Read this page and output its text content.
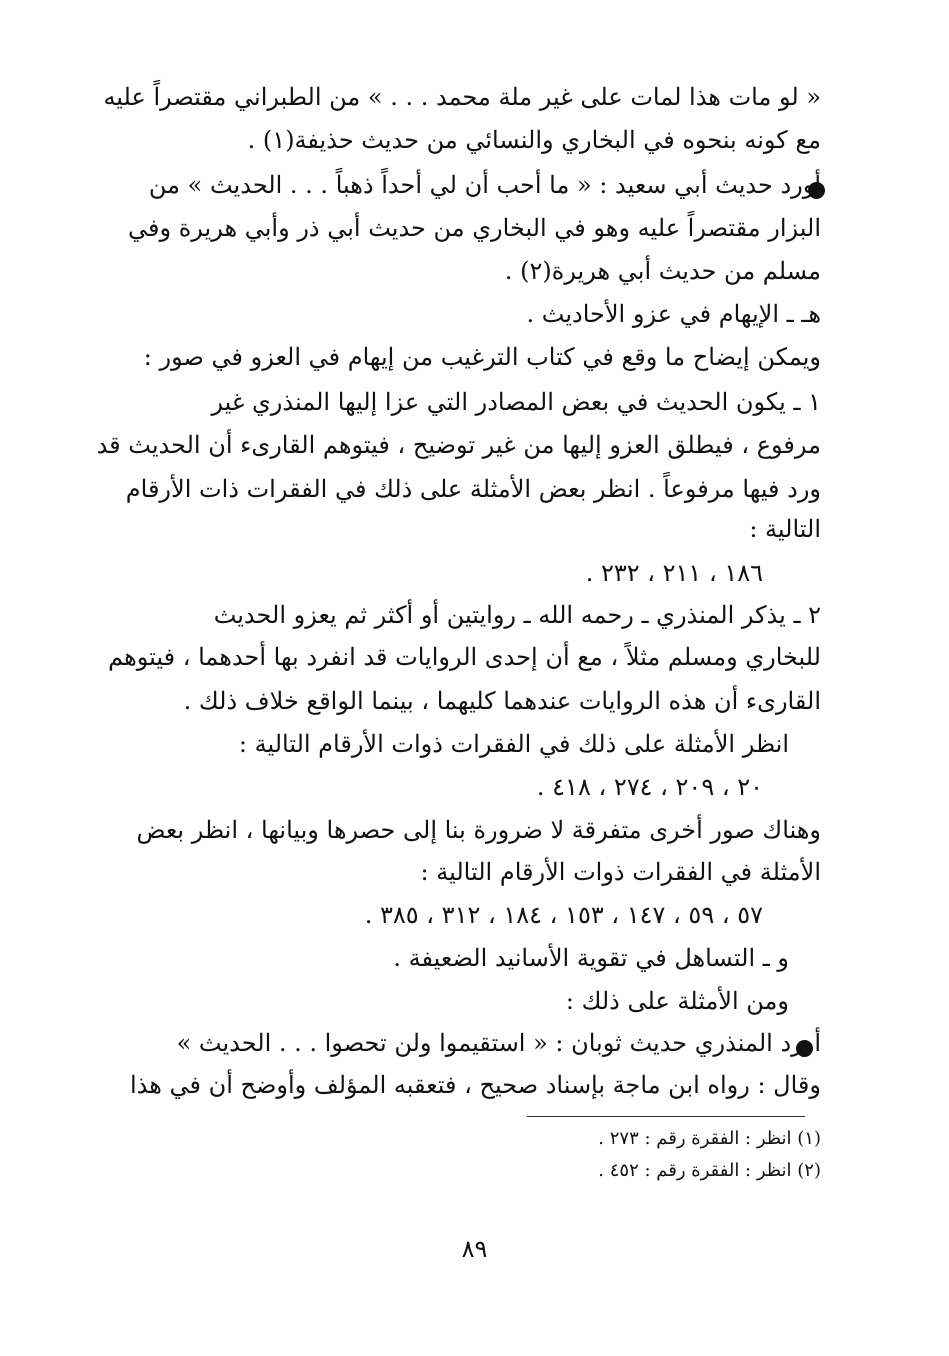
« لو مات هذا لمات على غير ملة محمد . . . » من الطبراني مقتصراً عليه
مع كونه بنحوه في البخاري والنسائي من حديث حذيفة(١) .
أورد حديث أبي سعيد : « ما أحب أن لي أحداً ذهباً . . . الحديث » من
البزار مقتصراً عليه وهو في البخاري من حديث أبي ذر وأبي هريرة وفي
مسلم من حديث أبي هريرة(٢) .
هـ ـ الإيهام في عزو الأحاديث .
ويمكن إيضاح ما وقع في كتاب الترغيب من إيهام في العزو في صور :
١ ـ يكون الحديث في بعض المصادر التي عزا إليها المنذري غير
مرفوع ، فيطلق العزو إليها من غير توضيح ، فيتوهم القارىء أن الحديث قد
ورد فيها مرفوعاً . انظر بعض الأمثلة على ذلك في الفقرات ذات الأرقام
التالية :
١٨٦ ، ٢١١ ، ٢٣٢ .
٢ ـ يذكر المنذري ـ رحمه الله ـ روايتين أو أكثر ثم يعزو الحديث
للبخاري ومسلم مثلاً ، مع أن إحدى الروايات قد انفرد بها أحدهما ، فيتوهم
القارىء أن هذه الروايات عندهما كليهما ، بينما الواقع خلاف ذلك .
انظر الأمثلة على ذلك في الفقرات ذوات الأرقام التالية :
٢٠ ، ٢٠٩ ، ٢٧٤ ، ٤١٨ .
وهناك صور أخرى متفرقة لا ضرورة بنا إلى حصرها وبيانها ، انظر بعض
الأمثلة في الفقرات ذوات الأرقام التالية :
٥٧ ، ٥٩ ، ١٤٧ ، ١٥٣ ، ١٨٤ ، ٣١٢ ، ٣٨٥ .
و ـ التساهل في تقوية الأسانيد الضعيفة .
ومن الأمثلة على ذلك :
أورد المنذري حديث ثوبان : « استقيموا ولن تحصوا . . . الحديث »
وقال : رواه ابن ماجة بإسناد صحيح ، فتعقبه المؤلف وأوضح أن في هذا
(١) انظر : الفقرة رقم : ٢٧٣ .
(٢) انظر : الفقرة رقم : ٤٥٢ .
٨٩
